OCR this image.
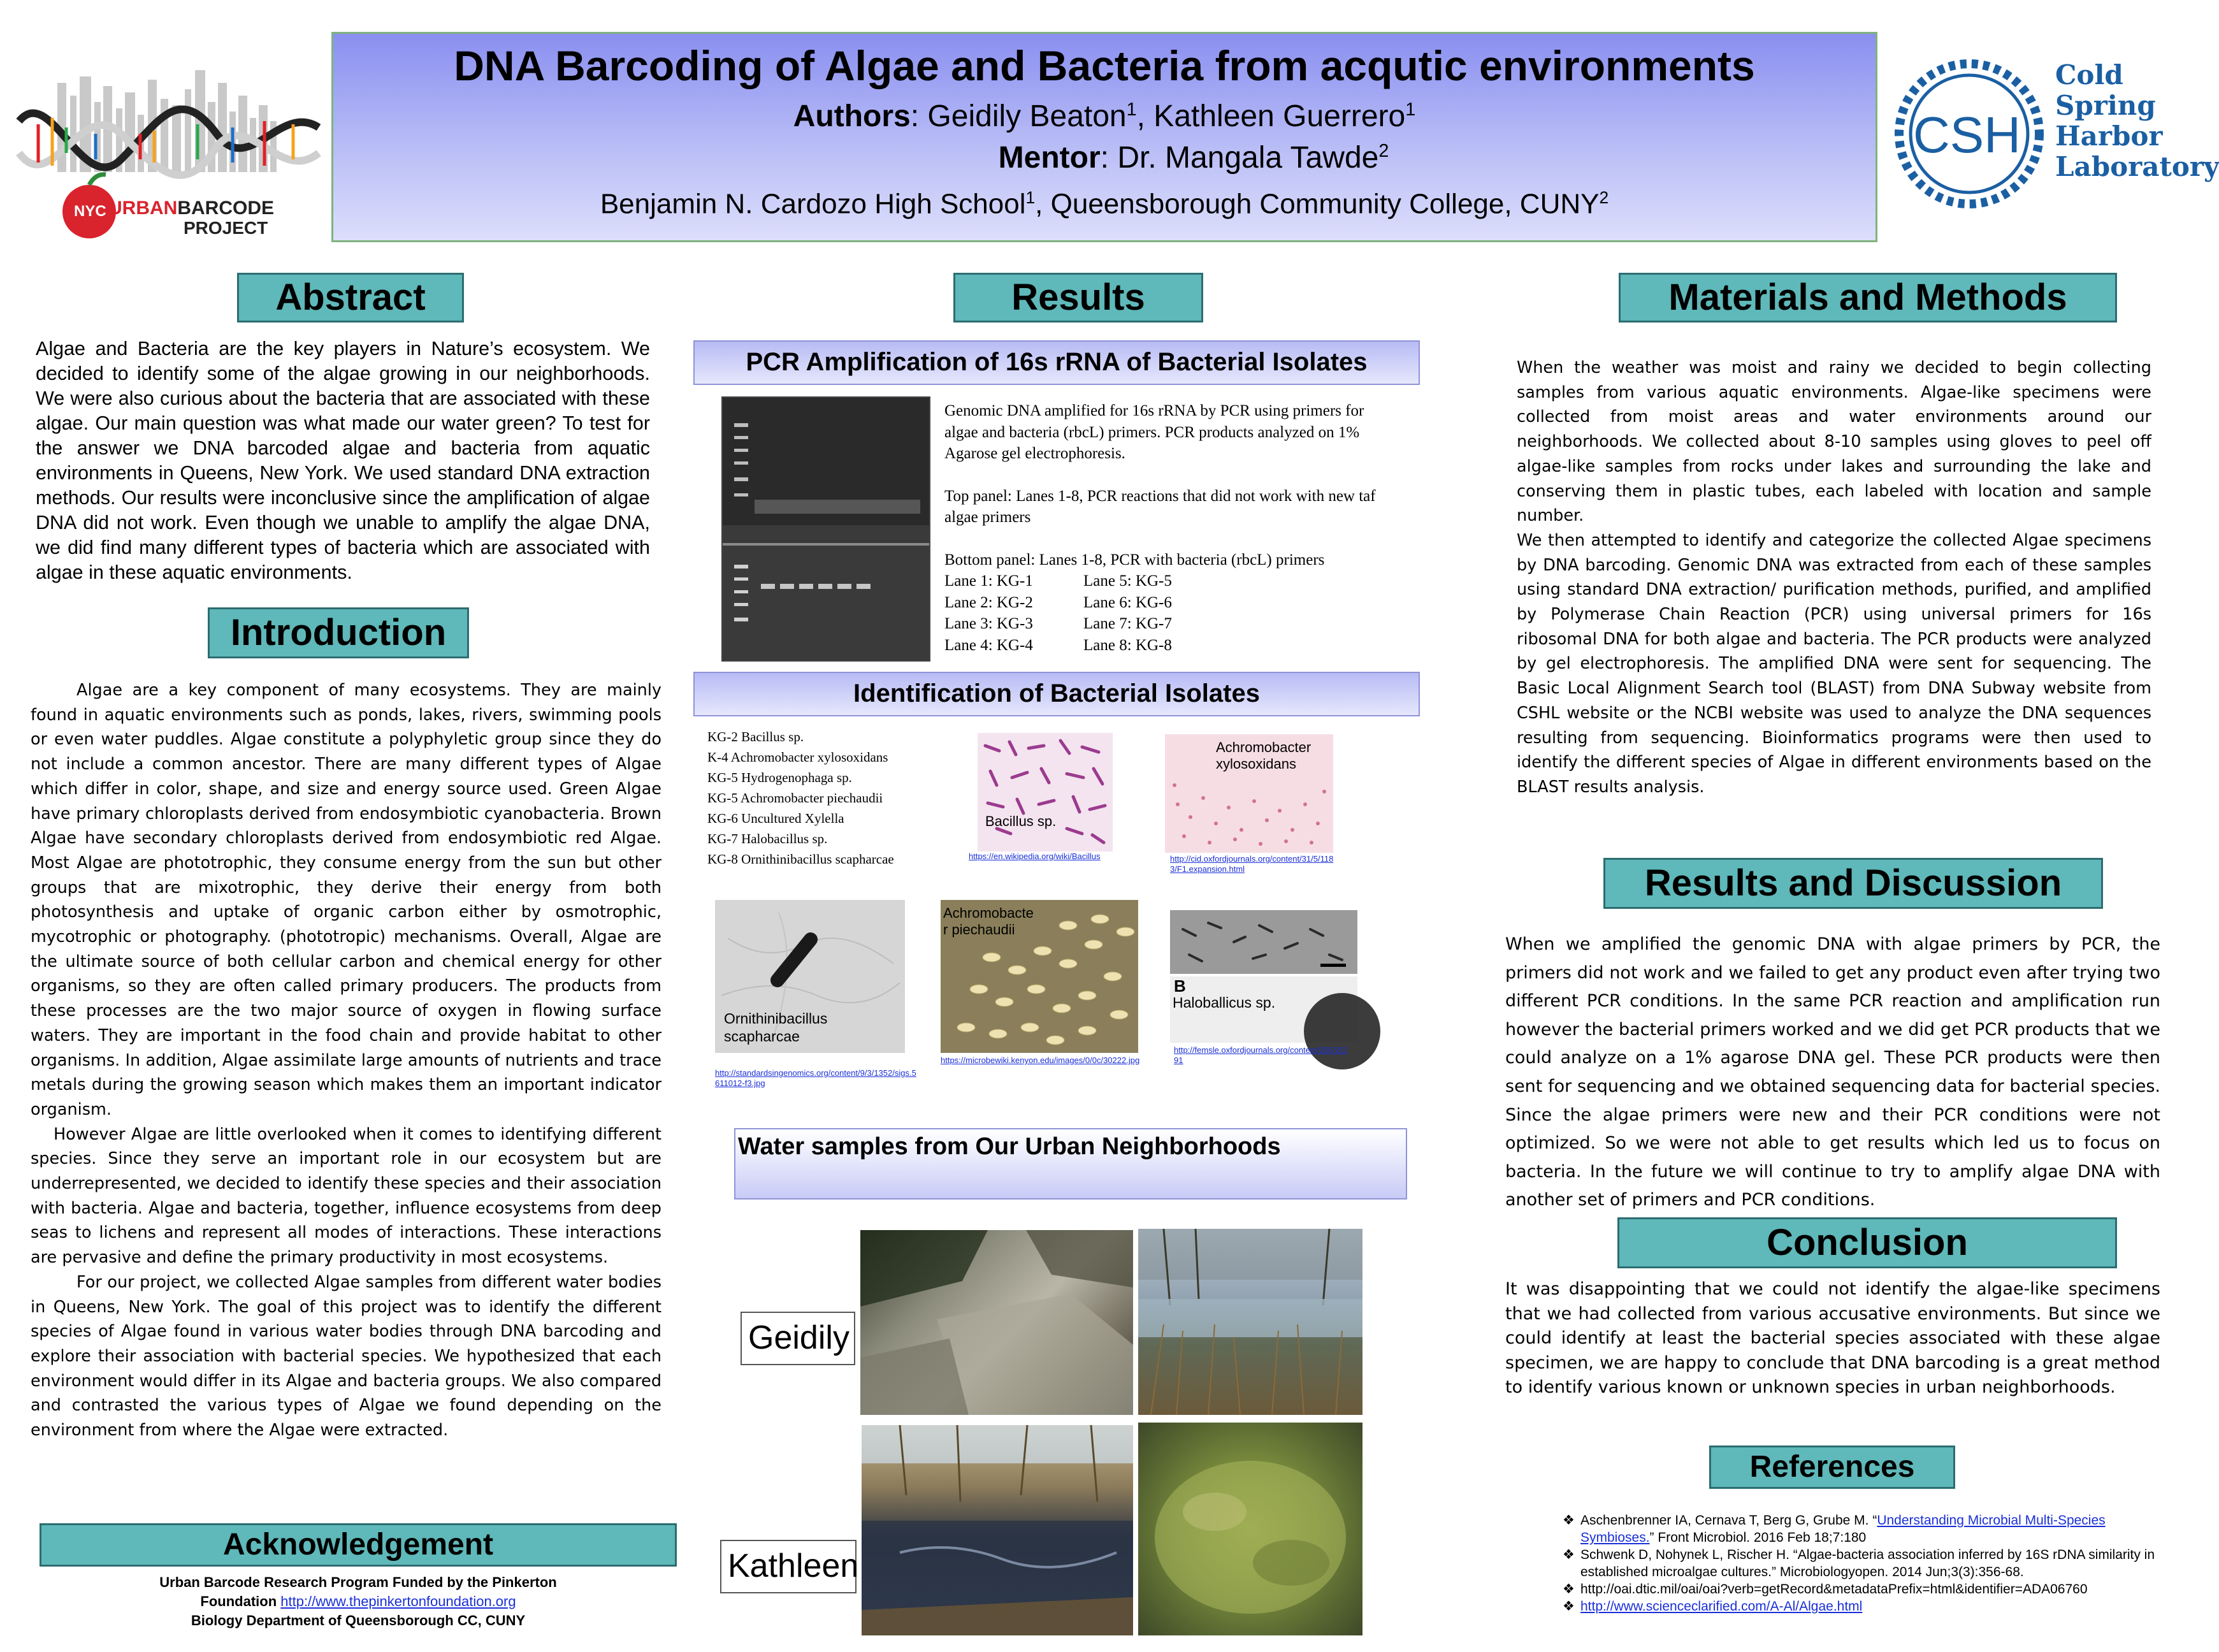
NYC URBANBARCODE
PROJECT
CSH
Cold
Spring
Harbor
Laboratory
DNA Barcoding of Algae and Bacteria from acqutic environments
Authors: Geidily Beaton$^1$, Kathleen Guerrero$^1$
Mentor: Dr. Mangala Tawde$^2$
Benjamin N. Cardozo High School$^1$, Queensborough Community College, CUNY$^2$
Abstract
Algae and Bacteria are the key players in Nature’s ecosystem. We decided to identify some of the algae growing in our neighborhoods. We were also curious about the bacteria that are associated with these algae. Our main question was what made our water green? To test for the answer we DNA barcoded algae and bacteria from aquatic environments in Queens, New York. We used standard DNA extraction methods. Our results were inconclusive since the amplification of algae DNA did not work. Even though we unable to amplify the algae DNA, we did find many different types of bacteria which are associated with algae in these aquatic environments.
Introduction

Algae are a key component of many ecosystems. They are mainly found in aquatic environments such as ponds, lakes, rivers, swimming pools or even water puddles. Algae constitute a polyphyletic group since they do not include a common ancestor. There are many different types of Algae which differ in color, shape, and size and energy source used. Green Algae have primary chloroplasts derived from endosymbiotic cyanobacteria. Brown Algae have secondary chloroplasts derived from endosymbiotic red Algae. Most Algae are phototrophic, they consume energy from the sun but other groups that are mixotrophic, they derive their energy from both photosynthesis and uptake of organic carbon either by osmotrophic, mycotrophic or photography. (phototropic) mechanisms. Overall, Algae are the ultimate source of both cellular carbon and chemical energy for other organisms, so they are often called primary producers. The products from these processes are the two major source of oxygen in flowing surface waters. They are important in the food chain and provide habitat to other organisms. In addition, Algae assimilate large amounts of nutrients and trace metals during the growing season which makes them an important indicator organism.

However Algae are little overlooked when it comes to identifying different species. Since they serve an important role in our ecosystem but are underrepresented, we decided to identify these species and their association with bacteria. Algae and bacteria, together, influence ecosystems from deep seas to lichens and represent all modes of interactions. These interactions are pervasive and define the primary productivity in most ecosystems.

For our project, we collected Algae samples from different water bodies in Queens, New York. The goal of this project was to identify the different species of Algae found in various water bodies through DNA barcoding and explore their association with bacterial species. We hypothesized that each environment would differ in its Algae and bacteria groups. We also compared and contrasted the various types of Algae we found depending on the environment from where the Algae were extracted.

Acknowledgement
Urban Barcode Research Program Funded by the Pinkerton
Foundation http://www.thepinkertonfoundation.org
Biology Department of Queensborough CC, CUNY
Results
PCR Amplification of 16s rRNA of Bacterial Isolates

Genomic DNA amplified for 16s rRNA by PCR using primers for algae and bacteria (rbcL) primers. PCR products analyzed on 1% Agarose gel electrophoresis.

Top panel: Lanes 1-8, PCR reactions that did not work with new taf algae primers

Bottom panel: Lanes 1-8, PCR with bacteria (rbcL) primers

Lane 1: KG-1	Lane 5: KG-5
Lane 2: KG-2	Lane 6: KG-6
Lane 3: KG-3	Lane 7: KG-7
Lane 4: KG-4	Lane 8: KG-8
Identification of Bacterial Isolates
KG-2 Bacillus sp.
K-4 Achromobacter xylosoxidans
KG-5 Hydrogenophaga sp.
KG-5 Achromobacter piechaudii
KG-6 Uncultured Xylella
KG-7 Halobacillus sp.
KG-8 Ornithinibacillus scapharcae
Bacillus sp.
https://en.wikipedia.org/wiki/Bacillus
Achromobacter xylosoxidans
http://cid.oxfordjournals.org/content/31/5/1183/F1.expansion.html
Ornithinibacillus scapharcae
http://standardsingenomics.org/content/9/3/1352/sigs.5611012-f3.jpg
Achromobacte r piechaudii
https://microbewiki.kenyon.edu/images/0/0c/30222.jpg
B
Haloballicus sp.
http://femsle.oxfordjournals.org/content/205/2/291
Water samples from Our Urban Neighborhoods
Geidily
Kathleen
Materials and Methods

When the weather was moist and rainy we decided to begin collecting samples from various aquatic environments. Algae-like specimens were collected from moist areas and water environments around our neighborhoods. We collected about 8-10 samples using gloves to peel off algae-like samples from rocks under lakes and surrounding the lake and conserving them in plastic tubes, each labeled with location and sample number.

We then attempted to identify and categorize the collected Algae specimens by DNA barcoding. Genomic DNA was extracted from each of these samples using standard DNA extraction/ purification methods, purified, and amplified by Polymerase Chain Reaction (PCR) using universal primers for 16s ribosomal DNA for both algae and bacteria. The PCR products were analyzed by gel electrophoresis. The amplified DNA were sent for sequencing. The Basic Local Alignment Search tool (BLAST) from DNA Subway website from CSHL website or the NCBI website was used to analyze the DNA sequences resulting from sequencing. Bioinformatics programs were then used to identify the different species of Algae in different environments based on the BLAST results analysis.

Results and Discussion
When we amplified the genomic DNA with algae primers by PCR, the primers did not work and we failed to get any product even after trying two different PCR conditions. In the same PCR reaction and amplification run however the bacterial primers worked and we did get PCR products that we could analyze on a 1% agarose DNA gel. These PCR products were then sent for sequencing and we obtained sequencing data for bacterial species. Since the algae primers were new and their PCR conditions were not optimized. So we were not able to get results which led us to focus on bacteria. In the future we will continue to try to amplify algae DNA with another set of primers and PCR conditions.
Conclusion
It was disappointing that we could not identify the algae-like specimens that we had collected from various accusative environments. But since we could identify at least the bacterial species associated with these algae specimen, we are happy to conclude that DNA barcoding is a great method to identify various known or unknown species in urban neighborhoods.
References
❖ Aschenbrenner IA, Cernava T, Berg G, Grube M. “Understanding Microbial Multi-Species Symbioses.” Front Microbiol. 2016 Feb 18;7:180
❖ Schwenk D, Nohynek L, Rischer H. “Algae-bacteria association inferred by 16S rDNA similarity in established microalgae cultures.” Microbiologyopen. 2014 Jun;3(3):356-68.
❖ http://oai.dtic.mil/oai/oai?verb=getRecord&metadataPrefix=html&identifier=ADA06760
❖ http://www.scienceclarified.com/A-Al/Algae.html
